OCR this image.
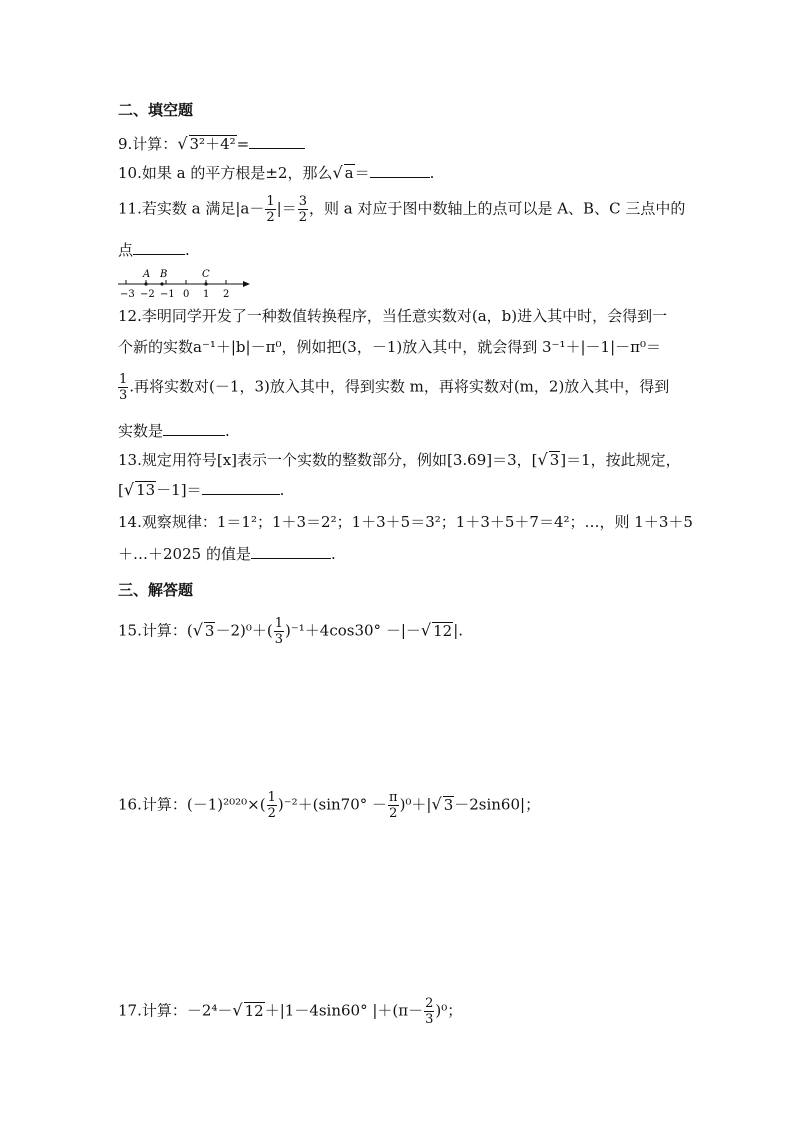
二、填空题
9.计算：√ 3²＋4²=
10.如果 a 的平方根是±2，那么√ a＝	.
11.若实数 a 满足$|a- \frac{1}{2}$ |＝ $\frac{3}{2}$ ，则 a 对应于图中数轴上的点可以是 A、B、C 三点中的
点	.
A B	C
−3 −2 −1 0 1 2
12.李明同学开发了一种数值转换程序，当任意实数对(a，b)进入其中时，会得到一
个新的实数a⁻¹＋|b|－π⁰，例如把(3，－1)放入其中，就会得到 3⁻¹＋|－1|－π⁰＝
$\frac{1}{3}$ .再将实数对(－1，3)放入其中，得到实数 m，再将实数对(m，2)放入其中，得到
实数是	.
13.规定用符号[x]表示一个实数的整数部分，例如[3.69]＝3，[√ 3]＝1，按此规定，
[√ 13－1]＝	.
14.观察规律：1＝1²；1＋3＝2²；1＋3＋5＝3²；1＋3＋5＋7＝4²；…，则 1＋3＋5
＋…＋2025 的值是	.
三、解答题
15.计算：(√ $3-2)^0+( \frac{1}{3} )^{-1}+4\cos 30^\circ$ －|－√ 12|.
16.计算：$(-1)^{2020}\times( \frac{1}{2} )^{-2}+(\sin 70^\circ - \frac{\pi}{2} )^0+|√$ 3－2sin60|；
17.计算：－2⁴－√ 12＋|1－4sin60° $|+(\pi- \frac{2}{3} )^0$；
